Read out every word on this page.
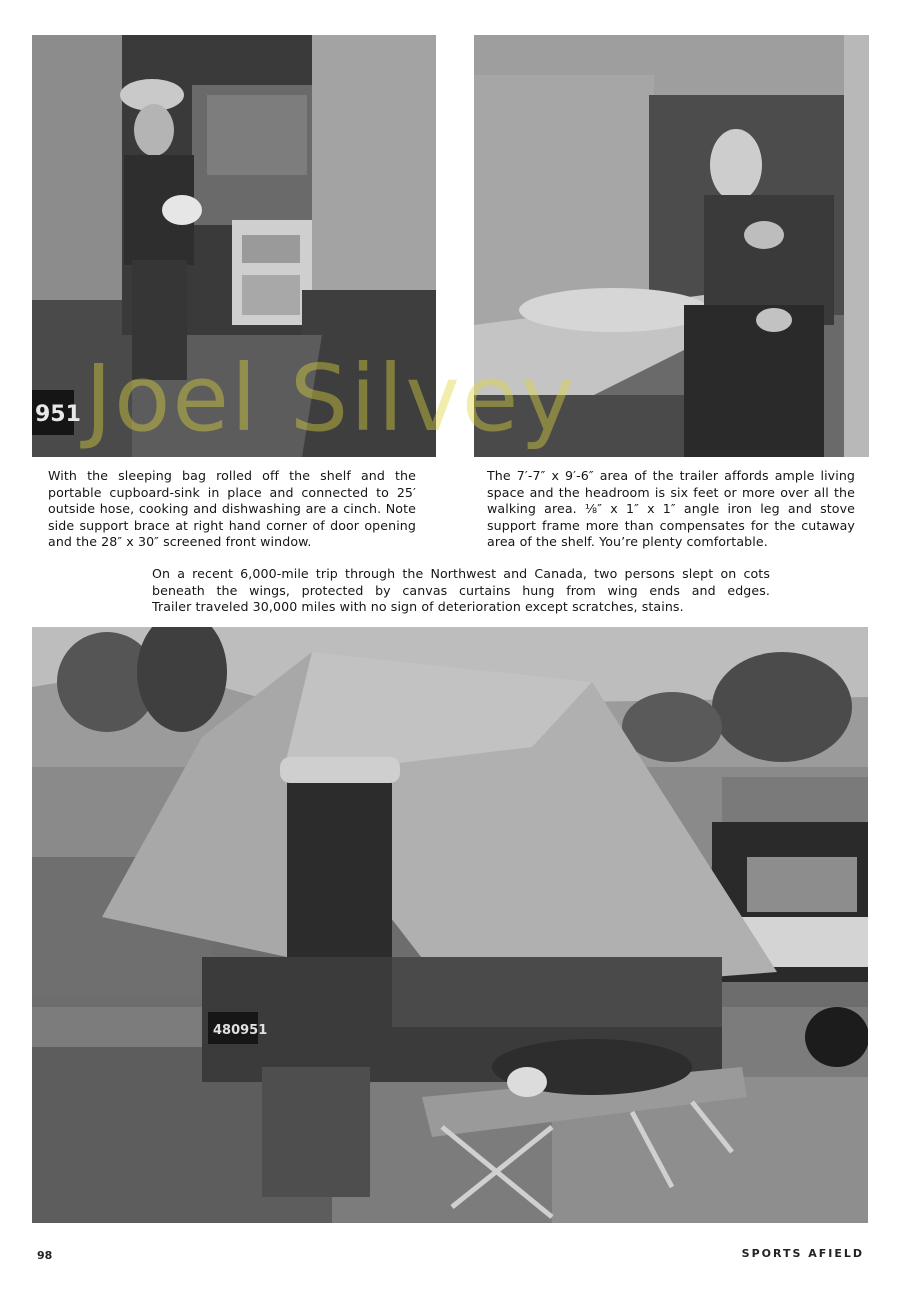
951

With the sleeping bag rolled off the shelf and the portable cupboard-sink in place and connected to 25′ outside hose, cooking and dishwashing are a cinch. Note side support brace at right hand corner of door opening and the 28″ x 30″ screened front window.

The 7′-7″ x 9′-6″ area of the trailer affords ample living space and the headroom is six feet or more over all the walking area. ⅛″ x 1″ x 1″ angle iron leg and stove support frame more than compensates for the cutaway area of the shelf. You’re plenty comfortable.

On a recent 6,000-mile trip through the Northwest and Canada, two persons slept on cots
beneath the wings, protected by canvas curtains hung from wing ends and edges.
Trailer traveled 30,000 miles with no sign of deterioration except scratches, stains.
480951
Joel Silvey
98	SPORTS AFIELD
